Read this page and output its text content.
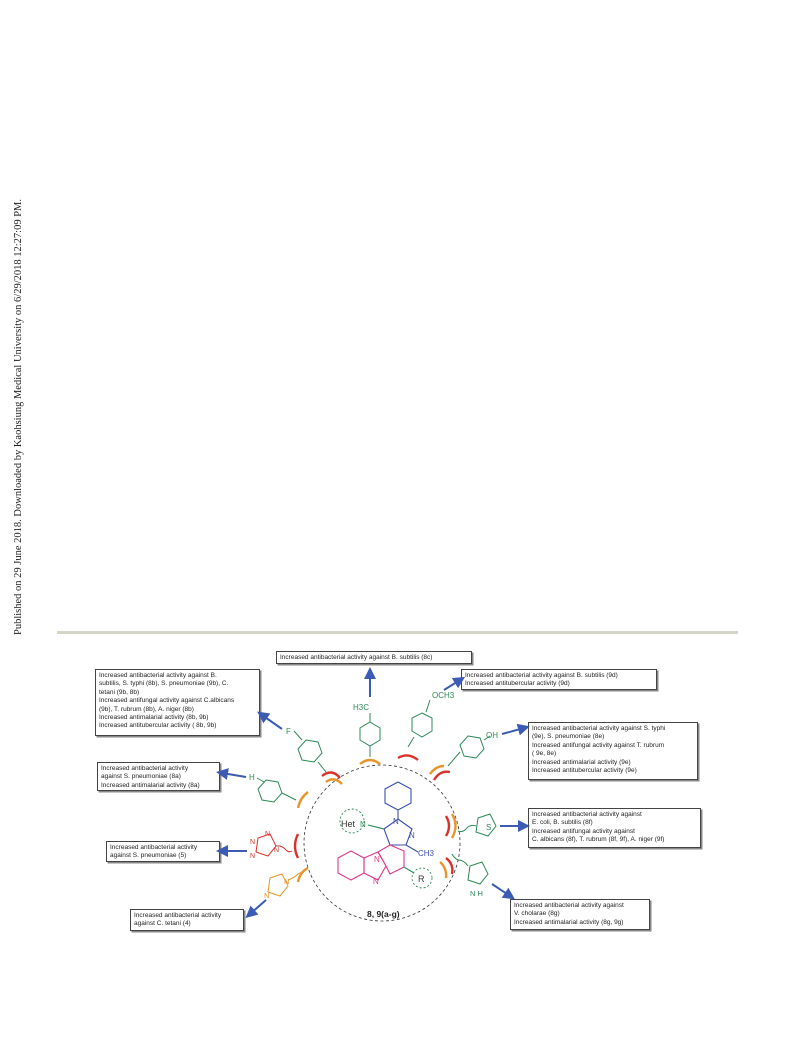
Published on 29 June 2018. Downloaded by Kaohsiung Medical University on 6/29/2018 12:27:09 PM.
Increased antibacterial activity against B. subtilis (8c)
Increased antibacterial activity against B.
subtilis, S. typhi (8b), S. pneumoniae (9b), C.
tetani (9b, 8b)
Increased antifungal activity against C.albicans
(9b), T. rubrum (8b), A. niger (8b)
Increased antimalarial activity (8b, 9b)
Increased antitubercular activity ( 8b, 9b)
Increased antibacterial activity against B. subtilis (9d)
Increased antitubercular activity (9d)
Increased antibacterial activity against S. typhi
(9e), S. pneumoniae (8e)
Increased antifungal activity against T. rubrum
( 9e, 8e)
Increased antimalarial activity (9e)
Increased antitubercular activity (9e)
Increased antibacterial activity
against S. pneumoniae (8a)
Increased antimalarial activity (8a)
Increased antibacterial activity against
E. coli, B. subtilis (8f)
Increased antifungal activity against
C. albicans (8f), T. rubrum (8f, 9f), A. niger (9f)
Increased antibacterial activity
against S. pneumoniae (5)
Increased antibacterial activity against
V. cholarae (8g)
Increased antimalarial activity (8g, 9g)
Increased antibacterial activity
against C. tetani (4)
N
N
CH3
Het N
N
N	R
H3C
F
OCH3
OH
H
S
N
N
N
N
N H
N
N
8, 9(a-g)
